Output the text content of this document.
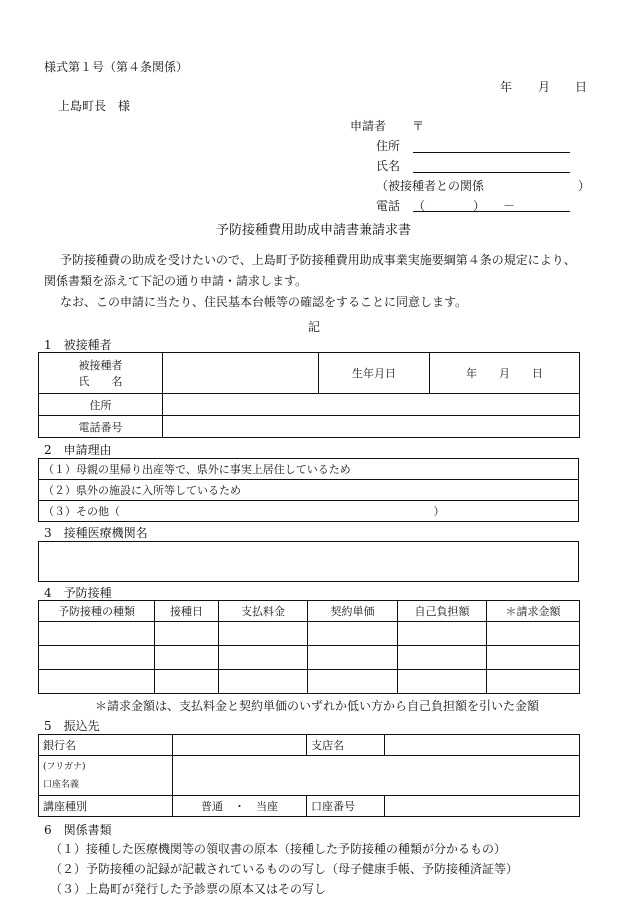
様式第１号（第４条関係）
年 月 日
上島町長　様
申請者 〒
住所
氏名
（被接種者との関係	）
電話 （　　　　）　　－
予防接種費用助成申請書兼請求書
予防接種費の助成を受けたいので、上島町予防接種費用助成事業実施要綱第４条の規定により、
関係書類を添えて下記の通り申請・請求します。
なお、この申請に当たり、住民基本台帳等の確認をすることに同意します。
記
1　被接種者
被接種者
氏　　名		生年月日	年　　月　　日
住所			
電話番号			
2　申請理由
（１）母親の里帰り出産等で、県外に事実上居住しているため
（２）県外の施設に入所等しているため
（３）その他（	）
3　接種医療機関名
4　予防接種
予防接種の種類	接種日	支払料金	契約単価	自己負担額	＊請求金額

＊請求金額は、支払料金と契約単価のいずれか低い方から自己負担額を引いた金額
5　振込先
銀行名		支店名	

(フリガナ)
口座名義			

講座種別	普通　・　当座	口座番号	
6　関係書類
（１）接種した医療機関等の領収書の原本（接種した予防接種の種類が分かるもの）
（２）予防接種の記録が記載されているものの写し（母子健康手帳、予防接種済証等）
（３）上島町が発行した予診票の原本又はその写し
